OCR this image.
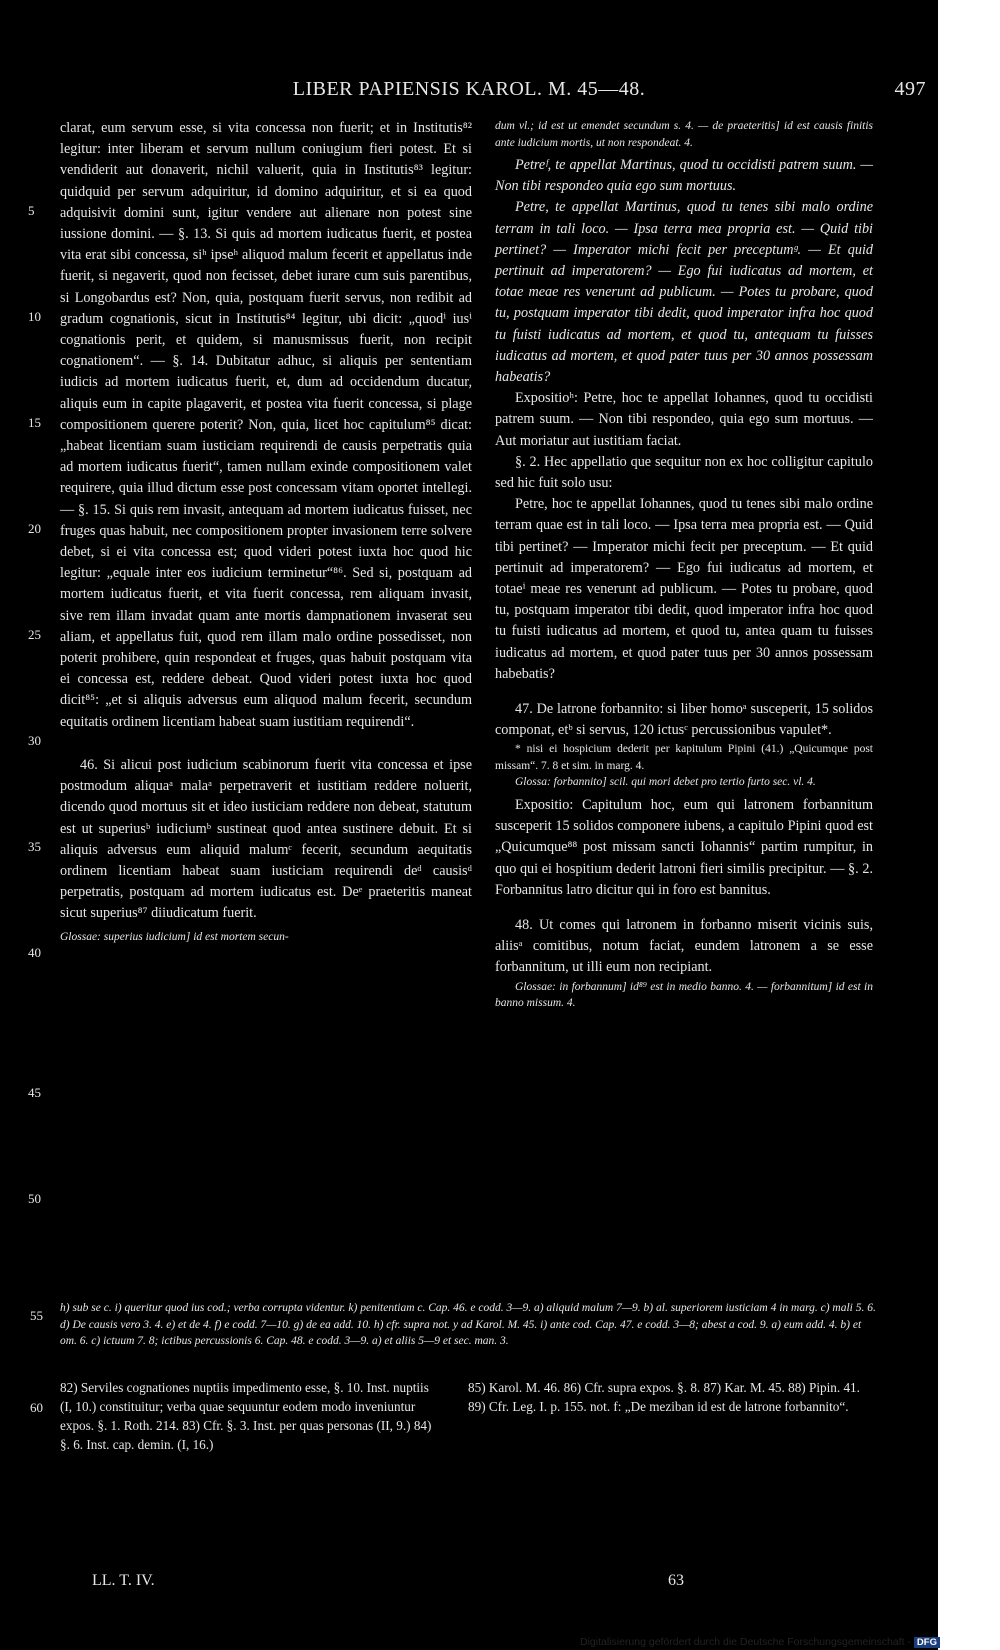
LIBER PAPIENSIS KAROL. M. 45—48.	497
5
10
15
20
25
30
35
40
45
50

clarat, eum servum esse, si vita concessa non fuerit; et in Institutis⁸² legitur: inter liberam et servum nullum coniugium fieri potest. Et si vendiderit aut donaverit, nichil valuerit, quia in Institutis⁸³ legitur: quidquid per servum adquiritur, id domino adquiritur, et si ea quod adquisivit domini sunt, igitur vendere aut alienare non potest sine iussione domini. — §. 13. Si quis ad mortem iudicatus fuerit, et postea vita erat sibi concessa, siʰ ipseʰ aliquod malum fecerit et appellatus inde fuerit, si negaverit, quod non fecisset, debet iurare cum suis parentibus, si Longobardus est? Non, quia, postquam fuerit servus, non redibit ad gradum cognationis, sicut in Institutis⁸⁴ legitur, ubi dicit: „quodⁱ iusⁱ cognationis perit, et quidem, si manusmissus fuerit, non recipit cognationem“. — §. 14. Dubitatur adhuc, si aliquis per sententiam iudicis ad mortem iudicatus fuerit, et, dum ad occidendum ducatur, aliquis eum in capite plagaverit, et postea vita fuerit concessa, si plage compositionem querere poterit? Non, quia, licet hoc capitulum⁸⁵ dicat: „habeat licentiam suam iusticiam requirendi de causis perpetratis quia ad mortem iudicatus fuerit“, tamen nullam exinde compositionem valet requirere, quia illud dictum esse post concessam vitam oportet intellegi. — §. 15. Si quis rem invasit, antequam ad mortem iudicatus fuisset, nec fruges quas habuit, nec compositionem propter invasionem terre solvere debet, si ei vita concessa est; quod videri potest iuxta hoc quod hic legitur: „equale inter eos iudicium terminetur“⁸⁶. Sed si, postquam ad mortem iudicatus fuerit, et vita fuerit concessa, rem aliquam invasit, sive rem illam invadat quam ante mortis dampnationem invaserat seu aliam, et appellatus fuit, quod rem illam malo ordine possedisset, non poterit prohibere, quin respondeat et fruges, quas habuit postquam vita ei concessa est, reddere debeat. Quod videri potest iuxta hoc quod dicit⁸⁵: „et si aliquis adversus eum aliquod malum fecerit, secundum equitatis ordinem licentiam habeat suam iustitiam requirendi“.

46. Si alicui post iudicium scabinorum fuerit vita concessa et ipse postmodum aliquaᵃ malaᵃ perpetraverit et iustitiam reddere noluerit, dicendo quod mortuus sit et ideo iusticiam reddere non debeat, statutum est ut superiusᵇ iudiciumᵇ sustineat quod antea sustinere debuit. Et si aliquis adversus eum aliquid malumᶜ fecerit, secundum aequitatis ordinem licentiam habeat suam iusticiam requirendi deᵈ causisᵈ perpetratis, postquam ad mortem iudicatus est. Deᵉ praeteritis maneat sicut superius⁸⁷ diiudicatum fuerit.

Glossae: superius iudicium] id est mortem secun-

dum vl.; id est ut emendet secundum s. 4. — de praeteritis] id est causis finitis ante iudicium mortis, ut non respondeat. 4.

Petreᶠ, te appellat Martinus, quod tu occidisti patrem suum. — Non tibi respondeo quia ego sum mortuus.

Petre, te appellat Martinus, quod tu tenes sibi malo ordine terram in tali loco. — Ipsa terra mea propria est. — Quid tibi pertinet? — Imperator michi fecit per preceptumᵍ. — Et quid pertinuit ad imperatorem? — Ego fui iudicatus ad mortem, et totae meae res venerunt ad publicum. — Potes tu probare, quod tu, postquam imperator tibi dedit, quod imperator infra hoc quod tu fuisti iudicatus ad mortem, et quod tu, antequam tu fuisses iudicatus ad mortem, et quod pater tuus per 30 annos possessam habeatis?

Expositioʰ: Petre, hoc te appellat Iohannes, quod tu occidisti patrem suum. — Non tibi respondeo, quia ego sum mortuus. — Aut moriatur aut iustitiam faciat.

§. 2. Hec appellatio que sequitur non ex hoc colligitur capitulo sed hic fuit solo usu:

Petre, hoc te appellat Iohannes, quod tu tenes sibi malo ordine terram quae est in tali loco. — Ipsa terra mea propria est. — Quid tibi pertinet? — Imperator michi fecit per preceptum. — Et quid pertinuit ad imperatorem? — Ego fui iudicatus ad mortem, et totaeⁱ meae res venerunt ad publicum. — Potes tu probare, quod tu, postquam imperator tibi dedit, quod imperator infra hoc quod tu fuisti iudicatus ad mortem, et quod tu, antea quam tu fuisses iudicatus ad mortem, et quod pater tuus per 30 annos possessam habebatis?

47. De latrone forbannito: si liber homoᵃ susceperit, 15 solidos componat, etᵇ si servus, 120 ictusᶜ percussionibus vapulet*.

* nisi ei hospicium dederit per kapitulum Pipini (41.) „Quicumque post missam“. 7. 8 et sim. in marg. 4.

Glossa: forbannito] scil. qui mori debet pro tertio furto sec. vl. 4.

Expositio: Capitulum hoc, eum qui latronem forbannitum susceperit 15 solidos componere iubens, a capitulo Pipini quod est „Quicumque⁸⁸ post missam sancti Iohannis“ partim rumpitur, in quo qui ei hospitium dederit latroni fieri similis precipitur. — §. 2. Forbannitus latro dicitur qui in foro est bannitus.

48. Ut comes qui latronem in forbanno miserit vicinis suis, aliisᵃ comitibus, notum faciat, eundem latronem a se esse forbannitum, ut illi eum non recipiant.

Glossae: in forbannum] id⁸⁹ est in medio banno. 4. — forbannitum] id est in banno missum. 4.

55 h) sub se c. i) queritur quod ius cod.; verba corrupta videntur. k) penitentiam c. Cap. 46. e codd. 3—9. a) aliquid malum 7—9. b) al. superiorem iusticiam 4 in marg. c) mali 5. 6. d) De causis vero 3. 4. e) et de 4. f) e codd. 7—10. g) de ea add. 10. h) cfr. supra not. y ad Karol. M. 45. i) ante cod. Cap. 47. e codd. 3—8; abest a cod. 9. a) eum add. 4. b) et om. 6. c) ictuum 7. 8; ictibus percussionis 6. Cap. 48. e codd. 3—9. a) et aliis 5—9 et sec. man. 3.
60
82) Serviles cognationes nuptiis impedimento esse, §. 10. Inst. nuptiis (I, 10.) constituitur; verba quae sequuntur eodem modo inveniuntur expos. §. 1. Roth. 214. 83) Cfr. §. 3. Inst. per quas personas (II, 9.) 84) §. 6. Inst. cap. demin. (I, 16.)
85) Karol. M. 46. 86) Cfr. supra expos. §. 8. 87) Kar. M. 45. 88) Pipin. 41. 89) Cfr. Leg. I. p. 155. not. f: „De meziban id est de latrone forbannito“.
LL. T. IV.	63
Digitalisierung gefördert durch die Deutsche Forschungsgemeinschaft - DFG
